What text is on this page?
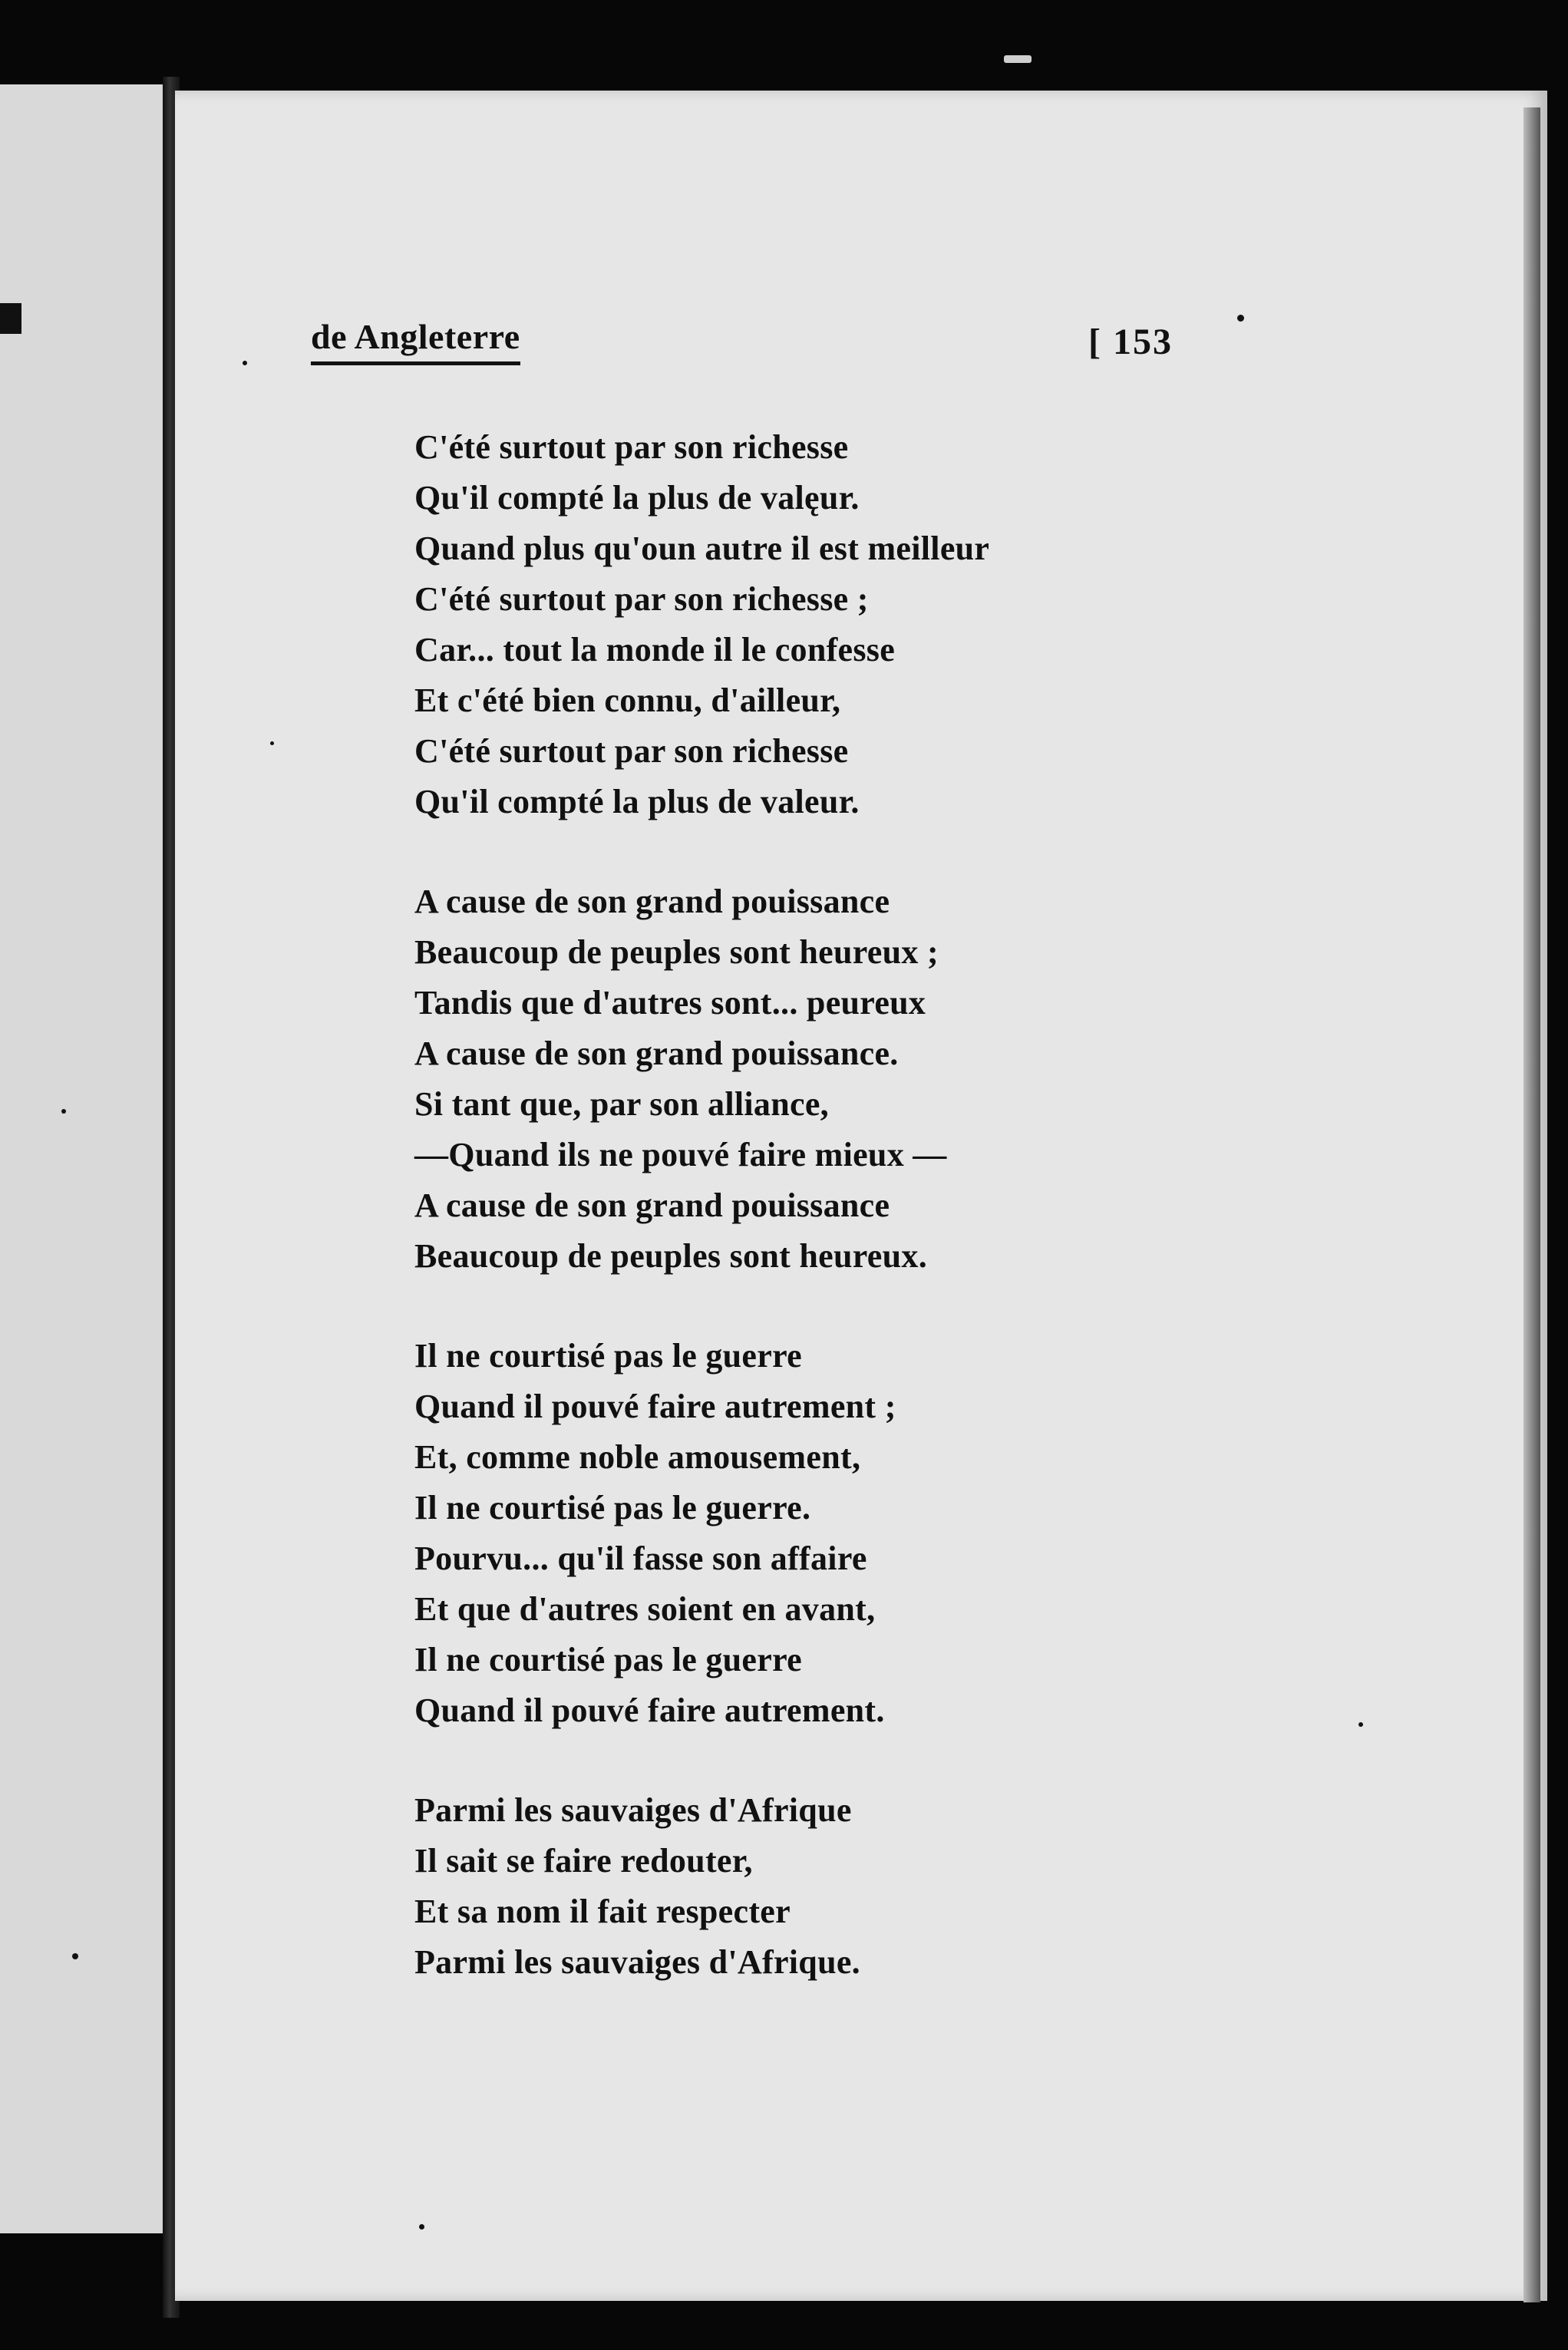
de Angleterre	[ 153
C'été surtout par son richesse
Qu'il compté la plus de valęur.
Quand plus qu'oun autre il est meilleur
C'été surtout par son richesse ;
Car... tout la monde il le confesse
Et c'été bien connu, d'ailleur,
C'été surtout par son richesse
Qu'il compté la plus de valeur.
A cause de son grand pouissance
Beaucoup de peuples sont heureux ;
Tandis que d'autres sont... peureux
A cause de son grand pouissance.
Si tant que, par son alliance,
—Quand ils ne pouvé faire mieux —
A cause de son grand pouissance
Beaucoup de peuples sont heureux.
Il ne courtisé pas le guerre
Quand il pouvé faire autrement ;
Et, comme noble amousement,
Il ne courtisé pas le guerre.
Pourvu... qu'il fasse son affaire
Et que d'autres soient en avant,
Il ne courtisé pas le guerre
Quand il pouvé faire autrement.
Parmi les sauvaiges d'Afrique
Il sait se faire redouter,
Et sa nom il fait respecter
Parmi les sauvaiges d'Afrique.
